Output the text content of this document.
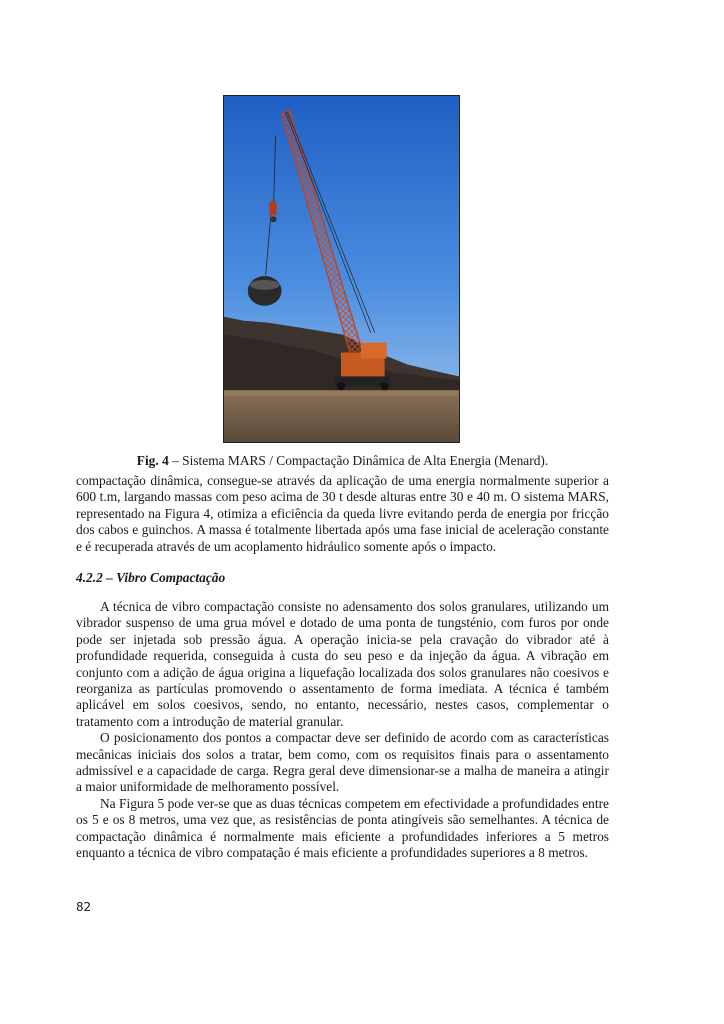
Fig. 4 – Sistema MARS / Compactação Dinâmica de Alta Energia (Menard).

compactação dinâmica, consegue-se através da aplicação de uma energia normalmente superior a 600 t.m, largando massas com peso acima de 30 t desde alturas entre 30 e 40 m. O sistema MARS, representado na Figura 4, otimiza a eficiência da queda livre evitando perda de energia por fricção dos cabos e guinchos. A massa é totalmente libertada após uma fase inicial de aceleração constante e é recuperada através de um acoplamento hidráulico somente após o impacto.

4.2.2 – Vibro Compactação

A técnica de vibro compactação consiste no adensamento dos solos granulares, utilizando um vibrador suspenso de uma grua móvel e dotado de uma ponta de tungsténio, com furos por onde pode ser injetada sob pressão água. A operação inicia-se pela cravação do vibrador até à profundidade requerida, conseguida à custa do seu peso e da injeção da água. A vibração em conjunto com a adição de água origina a liquefação localizada dos solos granulares não coesivos e reorganiza as partículas promovendo o assentamento de forma imediata. A técnica é também aplicável em solos coesivos, sendo, no entanto, necessário, nestes casos, complementar o tratamento com a introdução de material granular.

O posicionamento dos pontos a compactar deve ser definido de acordo com as características mecânicas iniciais dos solos a tratar, bem como, com os requisitos finais para o assentamento admissível e a capacidade de carga. Regra geral deve dimensionar-se a malha de maneira a atingir a maior uniformidade de melhoramento possível.

Na Figura 5 pode ver-se que as duas técnicas competem em efectividade a profundidades entre os 5 e os 8 metros, uma vez que, as resistências de ponta atingíveis são semelhantes. A técnica de compactação dinâmica é normalmente mais eficiente a profundidades inferiores a 5 metros enquanto a técnica de vibro compatação é mais eficiente a profundidades superiores a 8 metros.

82
